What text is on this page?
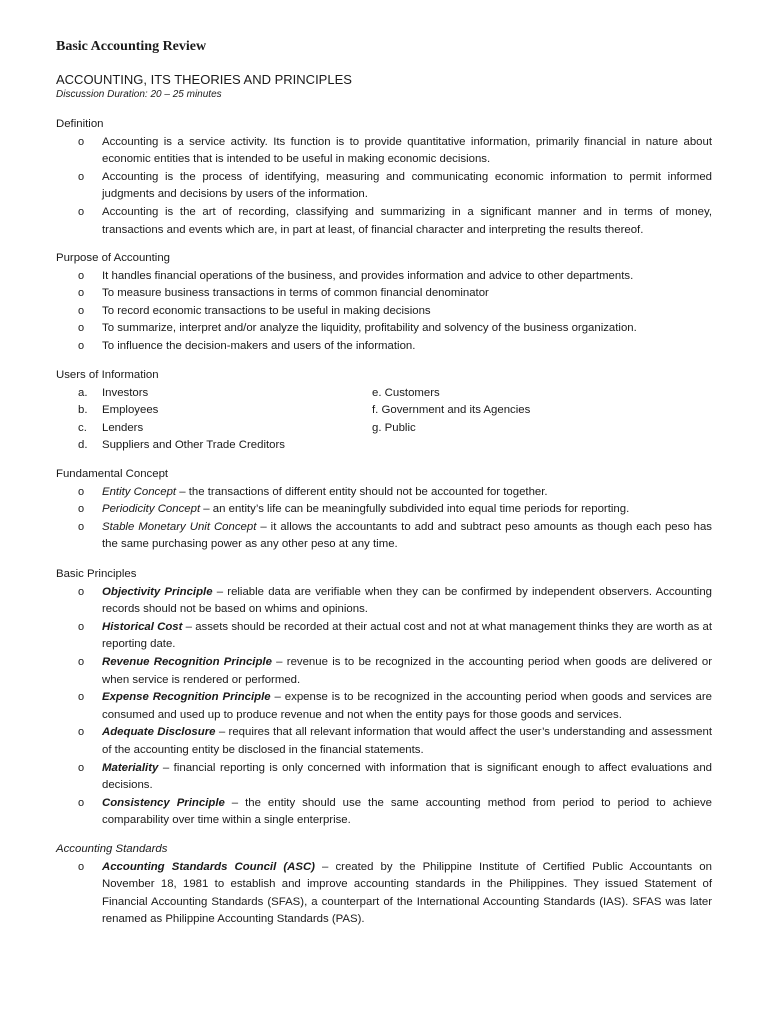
Basic Accounting Review
ACCOUNTING, ITS THEORIES AND PRINCIPLES
Discussion Duration: 20 – 25 minutes
Definition
o Accounting is a service activity. Its function is to provide quantitative information, primarily financial in nature about economic entities that is intended to be useful in making economic decisions.
o Accounting is the process of identifying, measuring and communicating economic information to permit informed judgments and decisions by users of the information.
o Accounting is the art of recording, classifying and summarizing in a significant manner and in terms of money, transactions and events which are, in part at least, of financial character and interpreting the results thereof.
Purpose of Accounting
o It handles financial operations of the business, and provides information and advice to other departments.
o To measure business transactions in terms of common financial denominator
o To record economic transactions to be useful in making decisions
o To summarize, interpret and/or analyze the liquidity, profitability and solvency of the business organization.
o To influence the decision-makers and users of the information.
Users of Information
a.	Investors
b.	Employees
c.	Lenders
d.	Suppliers and Other Trade Creditors
e. Customers
f. Government and its Agencies
g. Public
Fundamental Concept
o Entity Concept – the transactions of different entity should not be accounted for together.
o Periodicity Concept – an entity’s life can be meaningfully subdivided into equal time periods for reporting.
o Stable Monetary Unit Concept – it allows the accountants to add and subtract peso amounts as though each peso has the same purchasing power as any other peso at any time.
Basic Principles
o Objectivity Principle – reliable data are verifiable when they can be confirmed by independent observers. Accounting records should not be based on whims and opinions.
o Historical Cost – assets should be recorded at their actual cost and not at what management thinks they are worth as at reporting date.
o Revenue Recognition Principle – revenue is to be recognized in the accounting period when goods are delivered or when service is rendered or performed.
o Expense Recognition Principle – expense is to be recognized in the accounting period when goods and services are consumed and used up to produce revenue and not when the entity pays for those goods and services.
o Adequate Disclosure – requires that all relevant information that would affect the user’s understanding and assessment of the accounting entity be disclosed in the financial statements.
o Materiality – financial reporting is only concerned with information that is significant enough to affect evaluations and decisions.
o Consistency Principle – the entity should use the same accounting method from period to period to achieve comparability over time within a single enterprise.
Accounting Standards
o Accounting Standards Council (ASC) – created by the Philippine Institute of Certified Public Accountants on November 18, 1981 to establish and improve accounting standards in the Philippines. They issued Statement of Financial Accounting Standards (SFAS), a counterpart of the International Accounting Standards (IAS). SFAS was later renamed as Philippine Accounting Standards (PAS).
